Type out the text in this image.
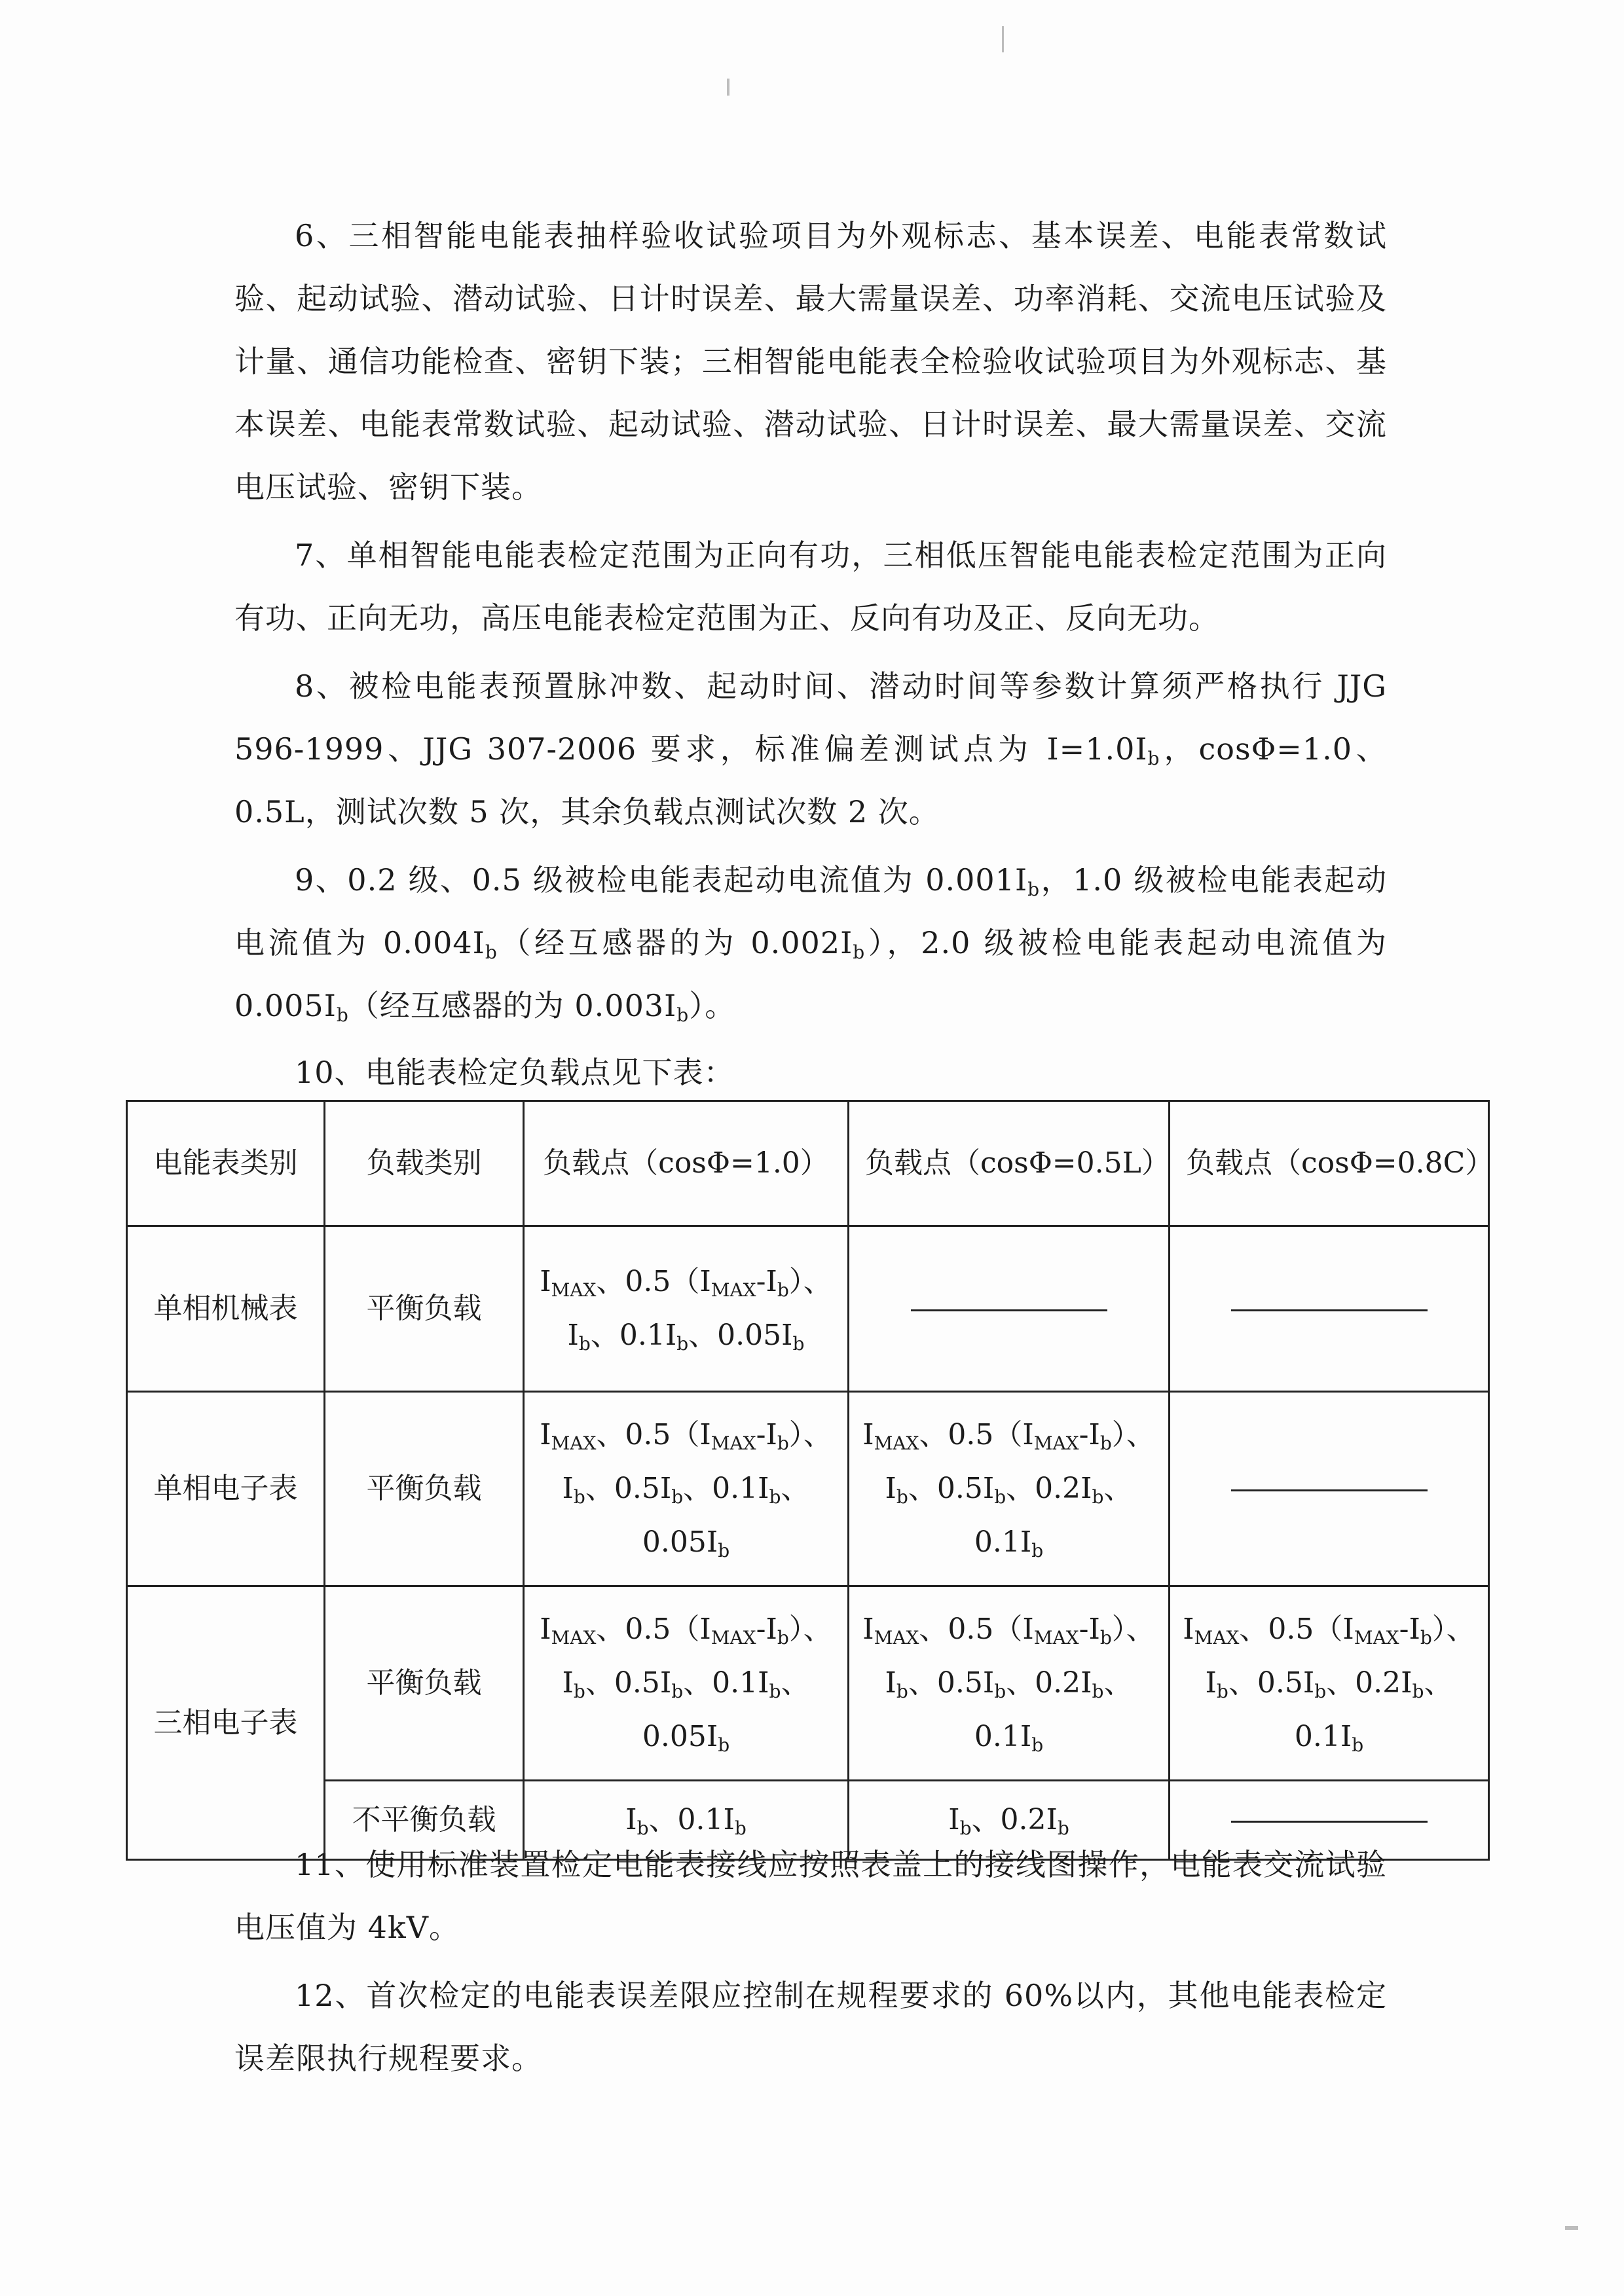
6、三相智能电能表抽样验收试验项目为外观标志、基本误差、电能表常数试验、起动试验、潜动试验、日计时误差、最大需量误差、功率消耗、交流电压试验及计量、通信功能检查、密钥下装；三相智能电能表全检验收试验项目为外观标志、基本误差、电能表常数试验、起动试验、潜动试验、日计时误差、最大需量误差、交流电压试验、密钥下装。

7、单相智能电能表检定范围为正向有功，三相低压智能电能表检定范围为正向有功、正向无功，高压电能表检定范围为正、反向有功及正、反向无功。

8、被检电能表预置脉冲数、起动时间、潜动时间等参数计算须严格执行 JJG 596-1999、JJG 307-2006 要求，标准偏差测试点为 $I=1.0I_b$，cosΦ=1.0、0.5L，测试次数 5 次，其余负载点测试次数 2 次。

9、0.2 级、0.5 级被检电能表起动电流值为 $0.001I_b$，1.0 级被检电能表起动电流值为 $0.004I_b$（经互感器的为 $0.002I_b$），2.0 级被检电能表起动电流值为 $0.005I_b$（经互感器的为 $0.003I_b$）。

10、电能表检定负载点见下表：

电能表类别	负载类别	负载点（cosΦ=1.0）	负载点（cosΦ=0.5L）	负载点（cosΦ=0.8C）
单相机械表	平衡负载	$I_{MAX}$、$0.5(I_{MAX}-I_b)$、$I_b$、$0.1I_b$、$0.05I_b$		
单相电子表	平衡负载	$I_{MAX}$、$0.5(I_{MAX}-I_b)$、$I_b$、$0.5I_b$、$0.1I_b$、$0.05I_b$	$I_{MAX}$、$0.5(I_{MAX}-I_b)$、$I_b$、$0.5I_b$、$0.2I_b$、$0.1I_b$	
三相电子表	平衡负载	$I_{MAX}$、$0.5(I_{MAX}-I_b)$、$I_b$、$0.5I_b$、$0.1I_b$、$0.05I_b$	$I_{MAX}$、$0.5(I_{MAX}-I_b)$、$I_b$、$0.5I_b$、$0.2I_b$、$0.1I_b$	$I_{MAX}$、$0.5(I_{MAX}-I_b)$、$I_b$、$0.5I_b$、$0.2I_b$、$0.1I_b$
	不平衡负载	$I_b$、$0.1I_b$	$I_b$、$0.2I_b$	

11、使用标准装置检定电能表接线应按照表盖上的接线图操作，电能表交流试验电压值为 4kV。

12、首次检定的电能表误差限应控制在规程要求的 60%以内，其他电能表检定误差限执行规程要求。
